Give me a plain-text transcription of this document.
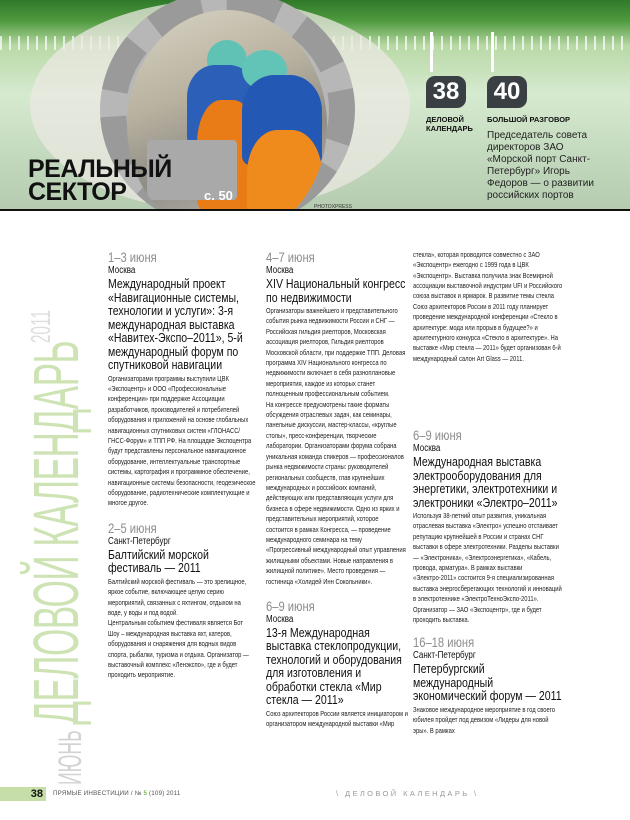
РЕАЛЬНЫЙ
СЕКТОР	с. 50
PHOTOXPRESS
38
ДЕЛОВОЙ
КАЛЕНДАРЬ
40
БОЛЬШОЙ РАЗГОВОР
Председатель совета директоров ЗАО «Морской порт Санкт-Петербург» Игорь Федоров — о развитии российских портов
ИЮНЬ
ДЕЛОВОЙ КАЛЕНДАРЬ
2011
1–3 июня
Москва
Международный проект «Навигационные системы, технологии и услуги»: 3-я международная выставка «Навитех-Экспо–2011», 5-й международный форум по спутниковой навигации
Организаторами программы выступили ЦВК «Экспоцентр» и ООО «Профессиональные конференции» при поддержке Ассоциации разработчиков, производителей и потребителей оборудования и приложений на основе глобальных навигационных спутниковых систем «ГЛОНАСС/ГНСС-Форум» и ТПП РФ. На площадке Экспоцентра будут представлены персональное навигационное оборудование, интеллектуальные транспортные системы, картография и программное обеспечение, навигационные системы безопасности, геодезическое оборудование, радиотехнические комплектующие и многое другое.
2–5 июня
Санкт-Петербург
Балтийский морской фестиваль — 2011

Балтийский морской фестиваль — это зрелищное, яркое событие, включающее целую серию мероприятий, связанных с яхтингом, отдыхом на воде, у воды и под водой.

Центральным событием фестиваля является Бот Шоу – международная выставка яхт, катеров, оборудования и снаряжения для водных видов спорта, рыбалки, туризма и отдыха. Организатор — выставочный комплекс «Ленэкспо», где и будет проходить мероприятие.

4–7 июня
Москва
XIV Национальный конгресс по недвижимости

Организаторы важнейшего и представительного события рынка недвижимости России и СНГ — Российская гильдия риелторов, Московская ассоциация риелторов, Гильдия риелторов Московской области, при поддержке ТПП. Деловая программа XIV Национального конгресса по недвижимости включает в себя разноплановые мероприятия, каждое из которых станет полноценным профессиональным событием.

На конгрессе предусмотрены такие форматы обсуждения отраслевых задач, как семинары, панельные дискуссии, мастер-классы, «круглые столы», пресс-конференции, творческие лаборатории. Организаторами форума собрана уникальная команда спикеров — профессионалов рынка недвижимости страны: руководителей региональных сообществ, глав крупнейших международных и российских компаний, действующих или представляющих услуги для бизнеса в сфере недвижимости. Одно из ярких и представительных мероприятий, которое состоится в рамках Конгресса, — проведение международного семинара на тему «Прогрессивный международный опыт управления жилищными объектами. Новые направления в жилищной политике». Место проведения — гостиница «Холидей Инн Сокольники».

6–9 июня
Москва
13-я Международная выставка стеклопродукции, технологий и оборудования для изготовления и обработки стекла «Мир стекла — 2011»
Союз архитекторов России является инициатором и организатором международной выставки «Мир
стекла», которая проводится совместно с ЗАО «Экспоцентр» ежегодно с 1999 года в ЦВК «Экспоцентр». Выставка получила знак Всемирной ассоциации выставочной индустрии UFI и Российского союза выставок и ярмарок. В развитие темы стекла Союз архитекторов России в 2011 году планирует проведение международной конференции «Стекло в архитектуре: мода или прорыв в будущее?» и архитектурного конкурса «Стекло в архитектуре». На выставке «Мир стекла — 2011» будет организован 6-й международный салон Art Glass — 2011.
6–9 июня
Москва
Международная выставка электрооборудования для энергетики, электротехники и электроники «Электро–2011»
Используя 38-летний опыт развития, уникальная отраслевая выставка «Электро» успешно отстаивает репутацию крупнейшей в России и странах СНГ выставки в сфере электротехники. Разделы выставки — «Электроника», «Электроэнергетика», «Кабель, провода, арматура». В рамках выставки «Электро-2011» состоится 9-я специализированная выставка энергосберегающих технологий и инноваций в электротехнике «ЭлектроТехноЭкспо-2011». Организатор — ЗАО «Экспоцентр», где и будет проходить выставка.
16–18 июня
Санкт-Петербург
Петербургский международный экономический форум — 2011
Знаковое международное мероприятие в год своего юбилея пройдет под девизом «Лидеры для новой эры». В рамках
38	ПРЯМЫЕ ИНВЕСТИЦИИ / № 5 (109) 2011	\ ДЕЛОВОЙ КАЛЕНДАРЬ \
